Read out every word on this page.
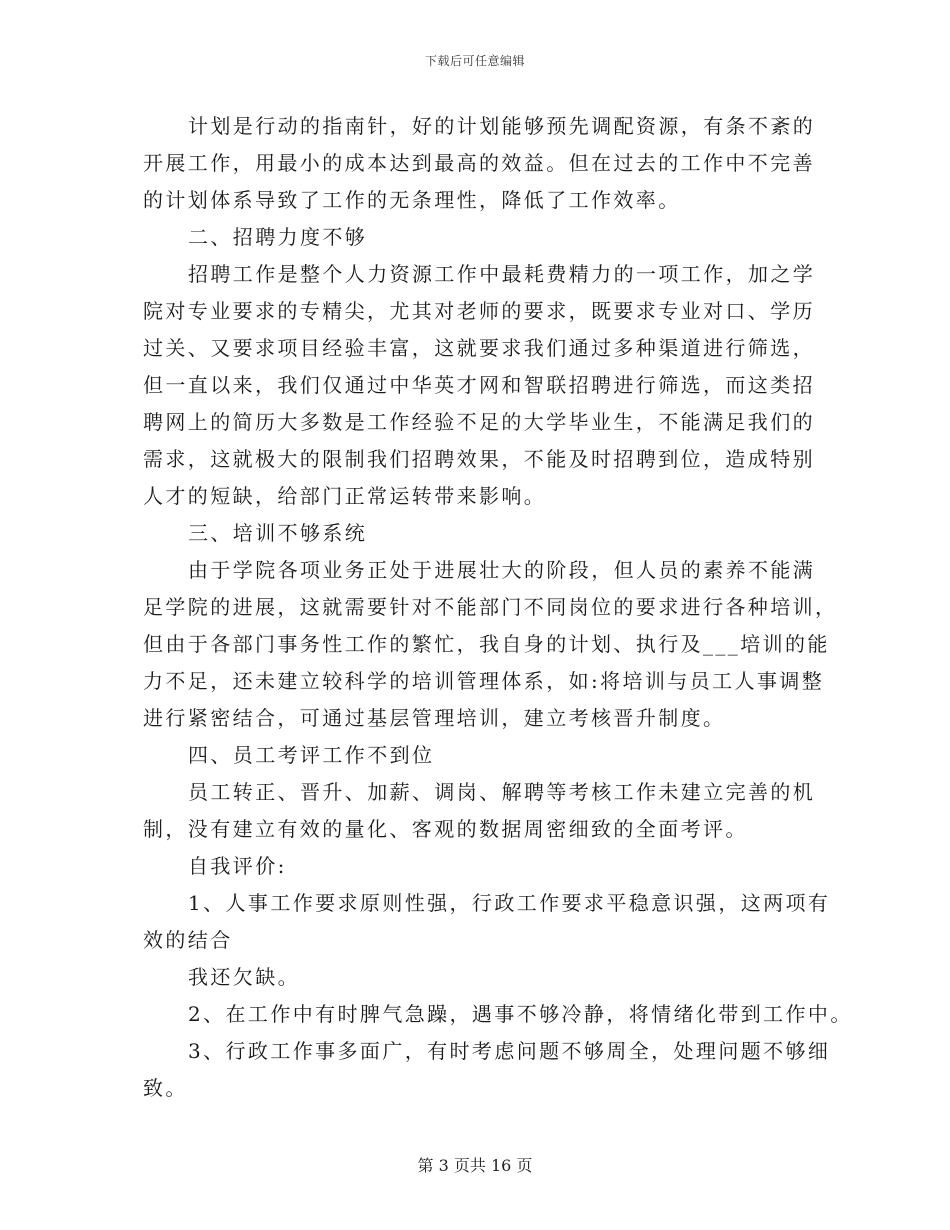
下载后可任意编辑
计划是行动的指南针，好的计划能够预先调配资源，有条不紊的
开展工作，用最小的成本达到最高的效益。但在过去的工作中不完善
的计划体系导致了工作的无条理性，降低了工作效率。
二、招聘力度不够
招聘工作是整个人力资源工作中最耗费精力的一项工作，加之学
院对专业要求的专精尖，尤其对老师的要求，既要求专业对口、学历
过关、又要求项目经验丰富，这就要求我们通过多种渠道进行筛选，
但一直以来，我们仅通过中华英才网和智联招聘进行筛选，而这类招
聘网上的简历大多数是工作经验不足的大学毕业生，不能满足我们的
需求，这就极大的限制我们招聘效果，不能及时招聘到位，造成特别
人才的短缺，给部门正常运转带来影响。
三、培训不够系统
由于学院各项业务正处于进展壮大的阶段，但人员的素养不能满
足学院的进展，这就需要针对不能部门不同岗位的要求进行各种培训，
但由于各部门事务性工作的繁忙，我自身的计划、执行及___培训的能
力不足，还未建立较科学的培训管理体系，如:将培训与员工人事调整
进行紧密结合，可通过基层管理培训，建立考核晋升制度。
四、员工考评工作不到位
员工转正、晋升、加薪、调岗、解聘等考核工作未建立完善的机
制，没有建立有效的量化、客观的数据周密细致的全面考评。
自我评价:
1、人事工作要求原则性强，行政工作要求平稳意识强，这两项有
效的结合
我还欠缺。
2、在工作中有时脾气急躁，遇事不够冷静，将情绪化带到工作中。
3、行政工作事多面广，有时考虑问题不够周全，处理问题不够细
致。
第 3 页共 16 页
